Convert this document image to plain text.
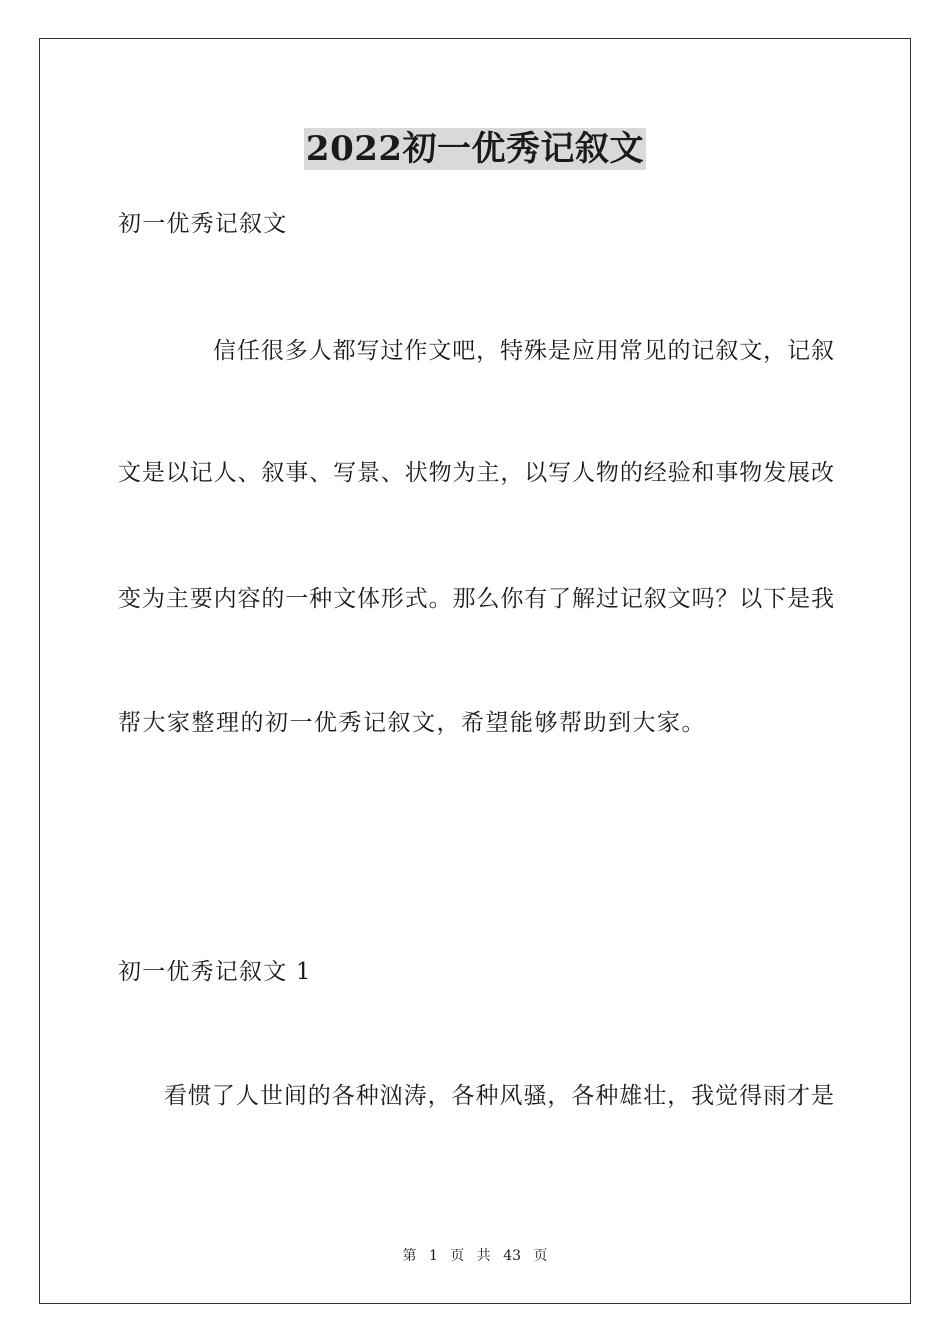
2022初一优秀记叙文
初一优秀记叙文
信任很多人都写过作文吧，特殊是应用常见的记叙文，记叙
文是以记人、叙事、写景、状物为主，以写人物的经验和事物发展改
变为主要内容的一种文体形式。那么你有了解过记叙文吗？以下是我
帮大家整理的初一优秀记叙文，希望能够帮助到大家。
初一优秀记叙文 1
看惯了人世间的各种汹涛，各种风骚，各种雄壮，我觉得雨才是
第 1 页 共 43 页
